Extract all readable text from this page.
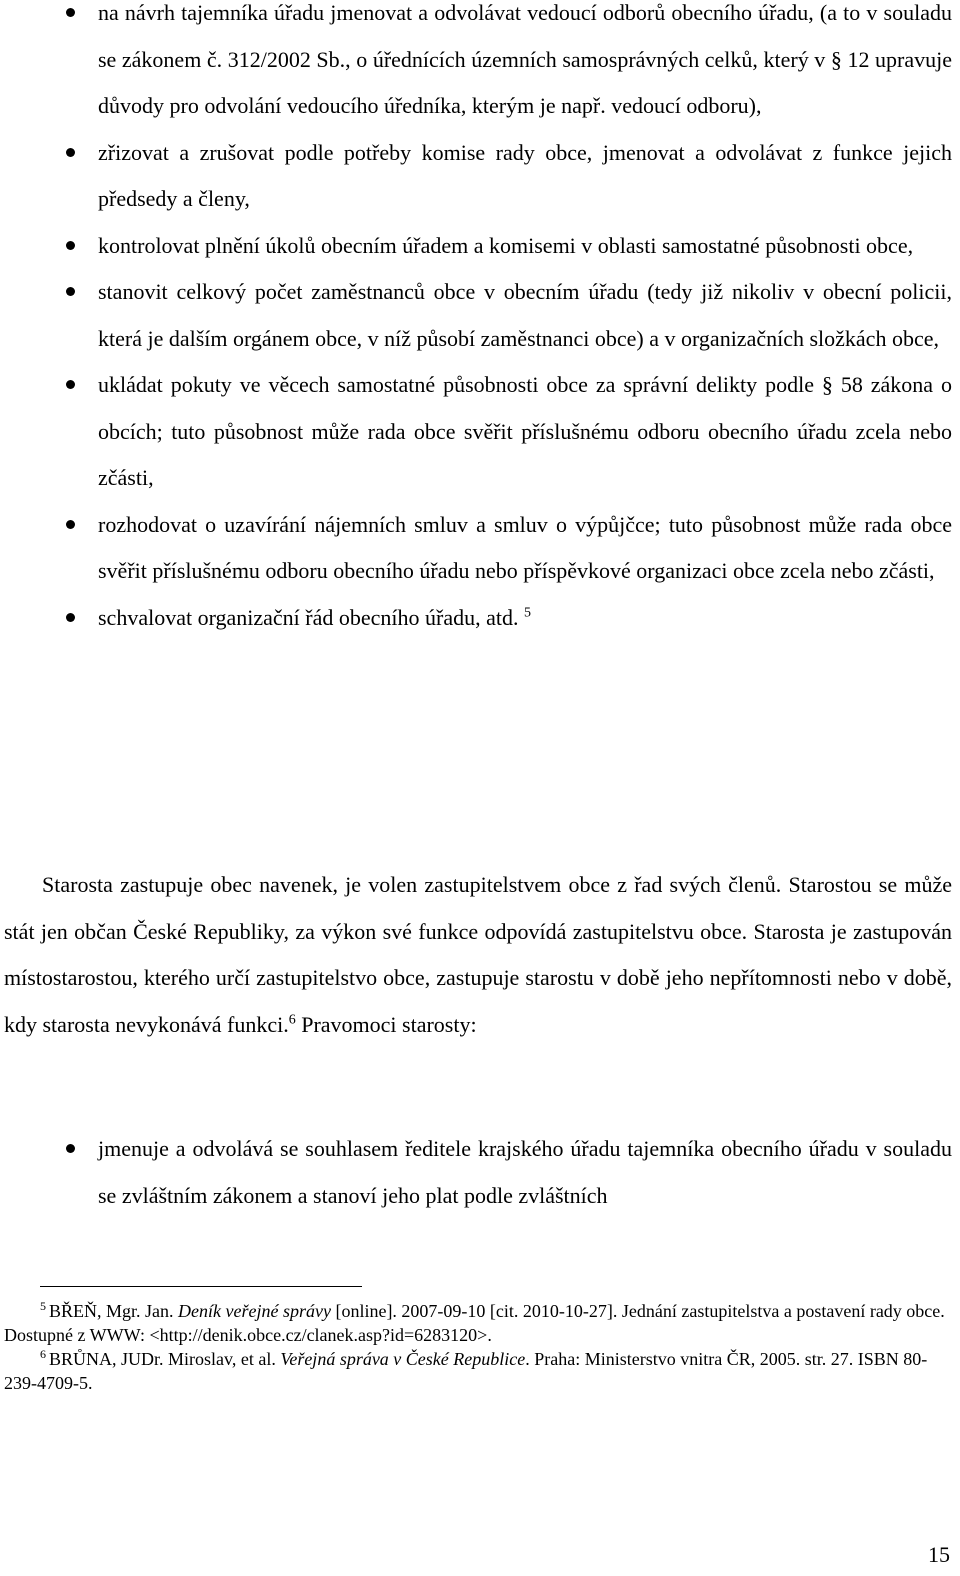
na návrh tajemníka úřadu jmenovat a odvolávat vedoucí odborů obecního úřadu, (a to v souladu se zákonem č. 312/2002 Sb., o úřednících územních samosprávných celků, který v § 12 upravuje důvody pro odvolání vedoucího úředníka, kterým je např. vedoucí odboru),
zřizovat a zrušovat podle potřeby komise rady obce, jmenovat a odvolávat z funkce jejich předsedy a členy,
kontrolovat plnění úkolů obecním úřadem a komisemi v oblasti samostatné působnosti obce,
stanovit celkový počet zaměstnanců obce v obecním úřadu (tedy již nikoliv v obecní policii, která je dalším orgánem obce, v níž působí zaměstnanci obce) a v organizačních složkách obce,
ukládat pokuty ve věcech samostatné působnosti obce za správní delikty podle § 58 zákona o obcích; tuto působnost může rada obce svěřit příslušnému odboru obecního úřadu zcela nebo zčásti,
rozhodovat o uzavírání nájemních smluv a smluv o výpůjčce; tuto působnost může rada obce svěřit příslušnému odboru obecního úřadu nebo příspěvkové organizaci obce zcela nebo zčásti,
schvalovat organizační řád obecního úřadu, atd. $^5$
Starosta zastupuje obec navenek, je volen zastupitelstvem obce z řad svých členů. Starostou se může stát jen občan České Republiky, za výkon své funkce odpovídá zastupitelstvu obce. Starosta je zastupován místostarostou, kterého určí zastupitelstvo obce, zastupuje starostu v době jeho nepřítomnosti nebo v době, kdy starosta nevykonává funkci.$^6$ Pravomoci starosty:
jmenuje a odvolává se souhlasem ředitele krajského úřadu tajemníka obecního úřadu v souladu se zvláštním zákonem a stanoví jeho plat podle zvláštních
$^5$ BŘEŇ, Mgr. Jan. Deník veřejné správy [online]. 2007-09-10 [cit. 2010-10-27]. Jednání zastupitelstva a postavení rady obce. Dostupné z WWW: <http://denik.obce.cz/clanek.asp?id=6283120>.
$^6$ BRŮNA, JUDr. Miroslav, et al. Veřejná správa v České Republice. Praha: Ministerstvo vnitra ČR, 2005. str. 27. ISBN 80-239-4709-5.
15
